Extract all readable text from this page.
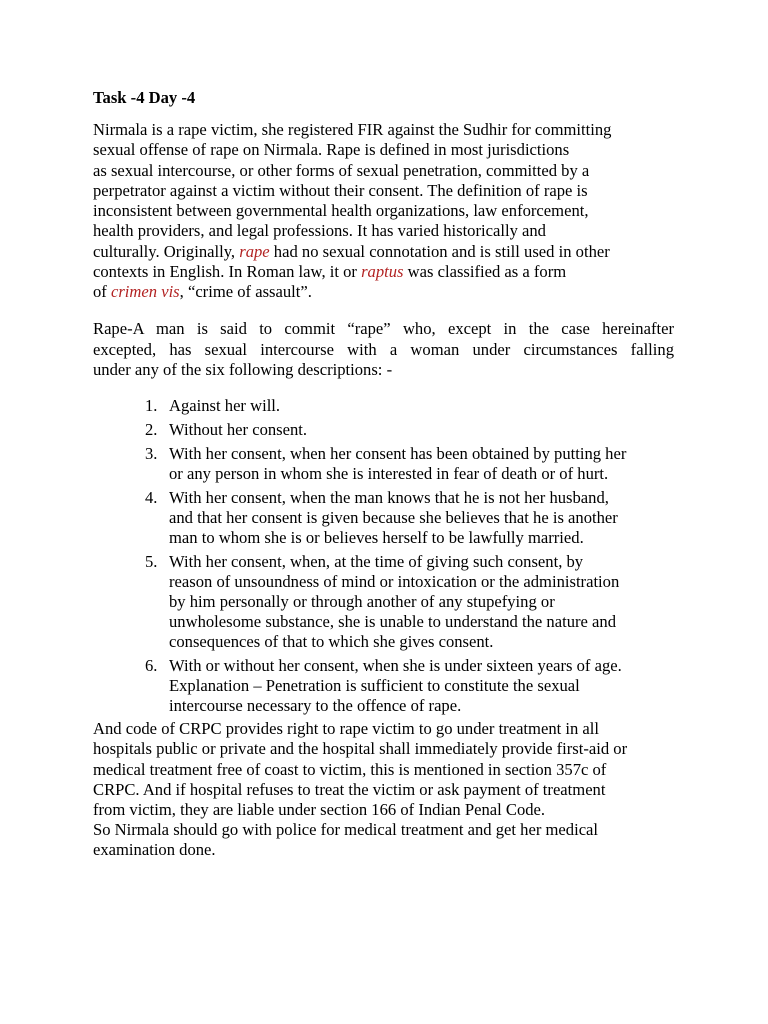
Task -4 Day -4
Nirmala is a rape victim, she registered FIR against the Sudhir for committing
sexual offense of rape on Nirmala. Rape is defined in most jurisdictions
as sexual intercourse, or other forms of sexual penetration, committed by a
perpetrator against a victim without their consent. The definition of rape is
inconsistent between governmental health organizations, law enforcement,
health providers, and legal professions. It has varied historically and
culturally. Originally, rape had no sexual connotation and is still used in other
contexts in English. In Roman law, it or raptus was classified as a form
of crimen vis, “crime of assault”.
Rape-A man is said to commit “rape” who, except in the case hereinafter
excepted, has sexual intercourse with a woman under circumstances falling
under any of the six following descriptions: -
1. Against her will.
2. Without her consent.
3. With her consent, when her consent has been obtained by putting her
or any person in whom she is interested in fear of death or of hurt.
4. With her consent, when the man knows that he is not her husband,
and that her consent is given because she believes that he is another
man to whom she is or believes herself to be lawfully married.
5. With her consent, when, at the time of giving such consent, by
reason of unsoundness of mind or intoxication or the administration
by him personally or through another of any stupefying or
unwholesome substance, she is unable to understand the nature and
consequences of that to which she gives consent.
6. With or without her consent, when she is under sixteen years of age.
Explanation – Penetration is sufficient to constitute the sexual
intercourse necessary to the offence of rape.
And code of CRPC provides right to rape victim to go under treatment in all
hospitals public or private and the hospital shall immediately provide first-aid or
medical treatment free of coast to victim, this is mentioned in section 357c of
CRPC. And if hospital refuses to treat the victim or ask payment of treatment
from victim, they are liable under section 166 of Indian Penal Code.
So Nirmala should go with police for medical treatment and get her medical
examination done.
